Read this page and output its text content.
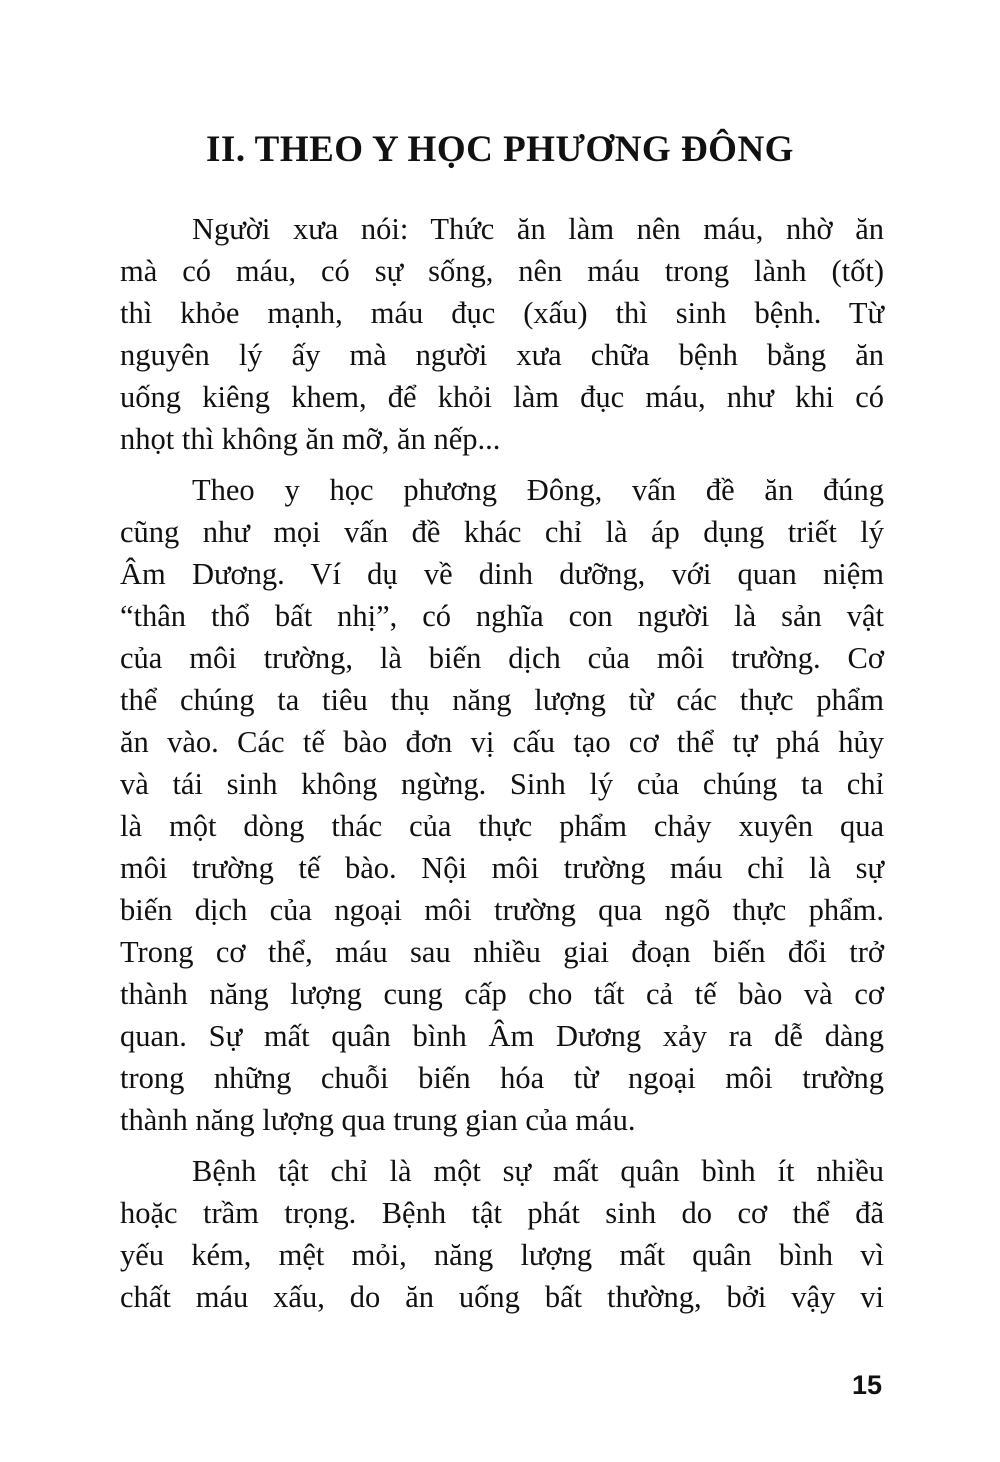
II. THEO Y HỌC PHƯƠNG ĐÔNG

Người xưa nói: Thức ăn làm nên máu, nhờ ăn
mà có máu, có sự sống, nên máu trong lành (tốt)
thì khỏe mạnh, máu đục (xấu) thì sinh bệnh. Từ
nguyên lý ấy mà người xưa chữa bệnh bằng ăn
uống kiêng khem, để khỏi làm đục máu, như khi có
nhọt thì không ăn mỡ, ăn nếp...

Theo y học phương Đông, vấn đề ăn đúng
cũng như mọi vấn đề khác chỉ là áp dụng triết lý
Âm Dương. Ví dụ về dinh dưỡng, với quan niệm
“thân thổ bất nhị”, có nghĩa con người là sản vật
của môi trường, là biến dịch của môi trường. Cơ
thể chúng ta tiêu thụ năng lượng từ các thực phẩm
ăn vào. Các tế bào đơn vị cấu tạo cơ thể tự phá hủy
và tái sinh không ngừng. Sinh lý của chúng ta chỉ
là một dòng thác của thực phẩm chảy xuyên qua
môi trường tế bào. Nội môi trường máu chỉ là sự
biến dịch của ngoại môi trường qua ngõ thực phẩm.
Trong cơ thể, máu sau nhiều giai đoạn biến đổi trở
thành năng lượng cung cấp cho tất cả tế bào và cơ
quan. Sự mất quân bình Âm Dương xảy ra dễ dàng
trong những chuỗi biến hóa từ ngoại môi trường
thành năng lượng qua trung gian của máu.

Bệnh tật chỉ là một sự mất quân bình ít nhiều
hoặc trầm trọng. Bệnh tật phát sinh do cơ thể đã
yếu kém, mệt mỏi, năng lượng mất quân bình vì
chất máu xấu, do ăn uống bất thường, bởi vậy vi

15
